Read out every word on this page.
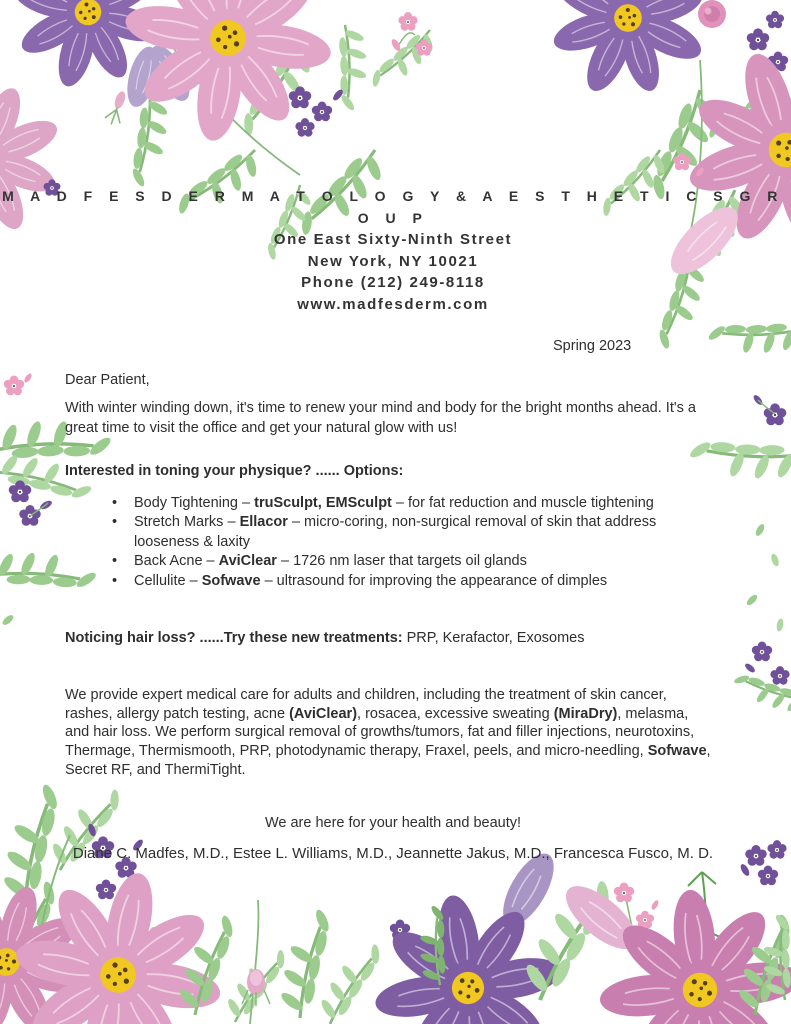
M A D F E S D E R M A T O L O G Y & A E S T H E T I C S G R O U P
One East Sixty-Ninth Street
New York, NY 10021
Phone (212) 249-8118
www.madfesderm.com
Spring 2023
Dear Patient,
With winter winding down, it's time to renew your mind and body for the bright months ahead. It's a great time to visit the office and get your natural glow with us!
Interested in toning your physique? ...... Options:
• Body Tightening – truSculpt, EMSculpt – for fat reduction and muscle tightening
• Stretch Marks – Ellacor – micro-coring, non-surgical removal of skin that address looseness & laxity
• Back Acne – AviClear – 1726 nm laser that targets oil glands
• Cellulite – Sofwave – ultrasound for improving the appearance of dimples
Noticing hair loss? ......Try these new treatments: PRP, Kerafactor, Exosomes
We provide expert medical care for adults and children, including the treatment of skin cancer, rashes, allergy patch testing, acne (AviClear), rosacea, excessive sweating (MiraDry), melasma, and hair loss. We perform surgical removal of growths/tumors, fat and filler injections, neurotoxins, Thermage, Thermismooth, PRP, photodynamic therapy, Fraxel, peels, and micro-needling, Sofwave, Secret RF, and ThermiTight.
We are here for your health and beauty!
Diane C. Madfes, M.D., Estee L. Williams, M.D., Jeannette Jakus, M.D., Francesca Fusco, M. D.
